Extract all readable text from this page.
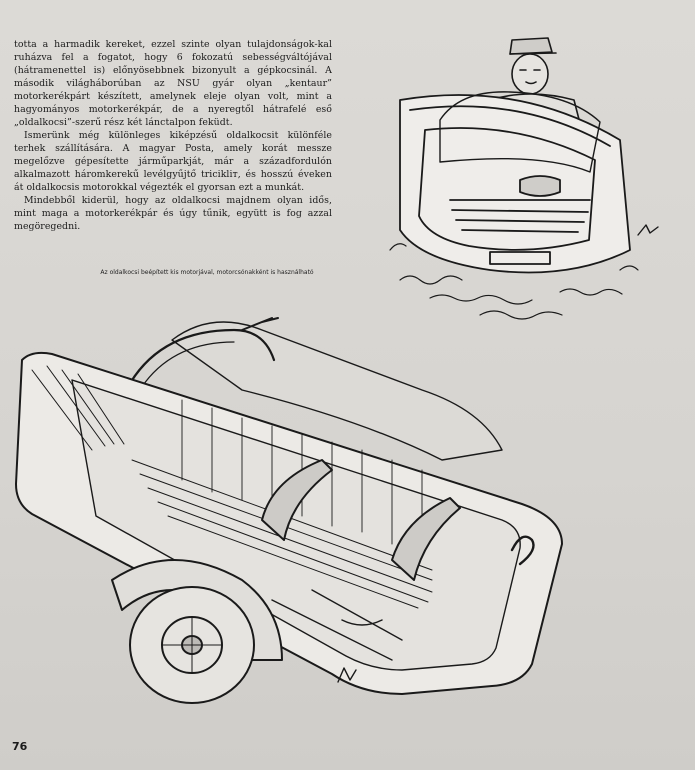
totta a harmadik kereket, ezzel szinte olyan tulajdonságok-kal ruházva fel a fogatot, hogy 6 fokozatú sebességváltójával (hátramenettel is) előnyösebbnek bizonyult a gépkocsinál. A második világháborúban az NSU gyár olyan „kentaur” motorkerékpárt készített, amelynek eleje olyan volt, mint a hagyományos motorkerékpár, de a nyeregtől hátrafelé eső „oldalkocsi”-szerű rész két lánctalpon feküdt.

Ismerünk még különleges kiképzésű oldalkocsit különféle terhek szállítására. A magyar Posta, amely korát messze megelőzve gépesítette járműparkját, már a századfordulón alkalmazott háromkerekű levélgyűjtő tricikliт, és hosszú éveken át oldalkocsis motorokkal végezték el gyorsan ezt a munkát.

Mindebből kiderül, hogy az oldalkocsi majdnem olyan idős, mint maga a motorkerékpár és úgy tűnik, együtt is fog azzal megöregedni.

Az oldalkocsi beépített kis motorjával, motorcsónakként is használható
76
